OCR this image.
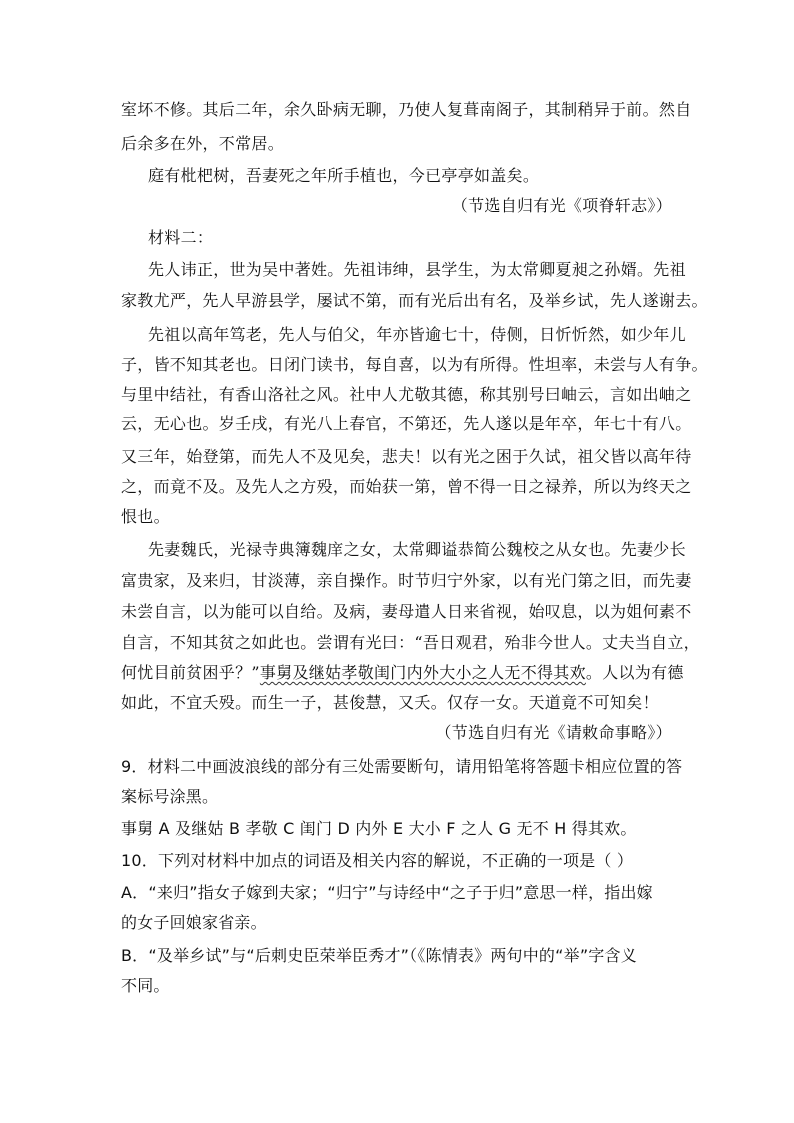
室坏不修。其后二年，余久卧病无聊，乃使人复葺南阁子，其制稍异于前。然自
后余多在外，不常居。
庭有枇杷树，吾妻死之年所手植也，今已亭亭如盖矣。
（节选自归有光《项脊轩志》）
材料二：
先人讳正，世为吴中著姓。先祖讳绅，县学生，为太常卿夏昶之孙婿。先祖
家教尤严，先人早游县学，屡试不第，而有光后出有名，及举乡试，先人遂谢去。
先祖以高年笃老，先人与伯父，年亦皆逾七十，侍侧，日忻忻然，如少年儿
子，皆不知其老也。日闭门读书，每自喜，以为有所得。性坦率，未尝与人有争。
与里中结社，有香山洛社之风。社中人尤敬其德，称其别号曰岫云，言如出岫之
云，无心也。岁壬戌，有光八上春官，不第还，先人遂以是年卒，年七十有八。
又三年，始登第，而先人不及见矣，悲夫！以有光之困于久试，祖父皆以高年待
之，而竟不及。及先人之方殁，而始获一第，曾不得一日之禄养，所以为终天之
恨也。
先妻魏氏，光禄寺典簿魏庠之女，太常卿谥恭简公魏校之从女也。先妻少长
富贵家，及来归，甘淡薄，亲自操作。时节归宁外家，以有光门第之旧，而先妻
未尝自言，以为能可以自给。及病，妻母遣人日来省视，始叹息，以为姐何素不
自言，不知其贫之如此也。尝谓有光曰：“吾日观君，殆非今世人。丈夫当自立，
何忧目前贫困乎？”事舅及继姑孝敬闺门内外大小之人无不得其欢。人以为有德
如此，不宜夭殁。而生一子，甚俊慧，又夭。仅存一女。天道竟不可知矣！
（节选自归有光《请敕命事略》）
9．材料二中画波浪线的部分有三处需要断句，请用铅笔将答题卡相应位置的答
案标号涂黑。
事舅 A 及继姑 B 孝敬 C 闺门 D 内外 E 大小 F 之人 G 无不 H 得其欢。
10．下列对材料中加点的词语及相关内容的解说，不正确的一项是（ ）
A．“来归”指女子嫁到夫家；“归宁”与诗经中“之子于归”意思一样，指出嫁
的女子回娘家省亲。
B．“及举乡试”与“后刺史臣荣举臣秀才”（《陈情表》两句中的“举”字含义
不同。
